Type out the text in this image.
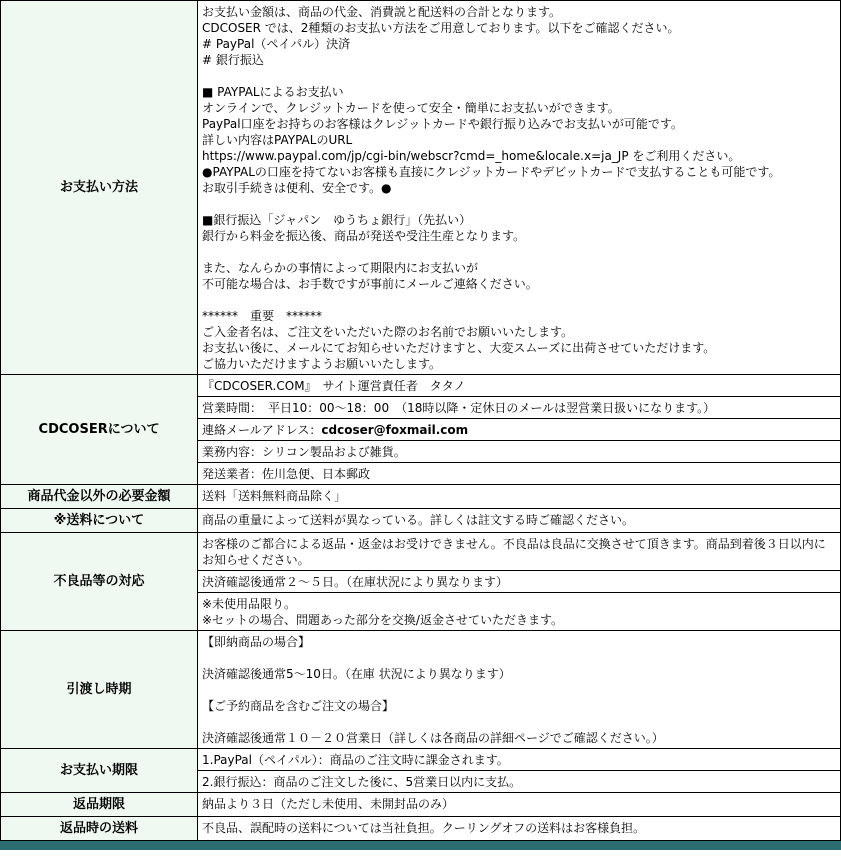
お支払い方法	
お支払い金額は、商品の代金、消費説と配送料の合計となります。
CDCOSER では、2種類のお支払い方法をご用意しております。以下をご確認ください。
# PayPal（ペイパル）決済
# 銀行振込
■ PAYPALによるお支払い
オンラインで、クレジットカードを使って安全・簡単にお支払いができます。
PayPal口座をお持ちのお客様はクレジットカードや銀行振り込みでお支払いが可能です。
詳しい内容はPAYPALのURL
https://www.paypal.com/jp/cgi-bin/webscr?cmd=_home&locale.x=ja_JP をご利用ください。
●PAYPALの口座を持てないお客様も直接にクレジットカードやデビットカードで支払することも可能です。
お取引手続きは便利、安全です。●
■銀行振込「ジャパン　ゆうちょ銀行」（先払い）
銀行から料金を振込後、商品が発送や受注生産となります。
また、なんらかの事情によって期限内にお支払いが
不可能な場合は、お手数ですが事前にメールご連絡ください。
******　重要　******
ご入金者名は、ご注文をいただいた際のお名前でお願いいたします。
お支払い後に、メールにてお知らせいただけますと、大変スムーズに出荷させていただけます。
ご協力いただけますようお願いいたします。

CDCOSERについて	『CDCOSER.COM』　サイト運営責任者　タタノ
営業時間：　平日10：00～18：00　（18時以降・定休日のメールは翌営業日扱いになります。）
連絡メールアドレス：cdcoser@foxmail.com
業務内容：シリコン製品および雑貨。
発送業者：佐川急便、日本郵政

商品代金以外の必要金額	送料「送料無料商品除く」

※送料について	商品の重量によって送料が異なっている。詳しくは註文する時ご確認ください。

不良品等の対応	お客様のご都合による返品・返金はお受けできません。不良品は良品に交換させて頂きます。商品到着後３日以内にお知らせください。
決済確認後通常２～５日。（在庫状況により異なります）
※未使用品限り。
※セットの場合、問題あった部分を交換/返金させていただきます。

引渡し時期	【即納商品の場合】
決済確認後通常5～10日。（在庫 状況により異なります）
【ご予約商品を含むご注文の場合】
決済確認後通常１０－２０営業日（詳しくは各商品の詳細ページでご確認ください。）

お支払い期限	1.PayPal（ペイパル）：商品のご注文時に課金されます。
2.銀行振込：商品のご注文した後に、5営業日以内に支払。

返品期限	納品より３日（ただし未使用、未開封品のみ）

返品時の送料	不良品、誤配時の送料については当社負担。クーリングオフの送料はお客様負担。
